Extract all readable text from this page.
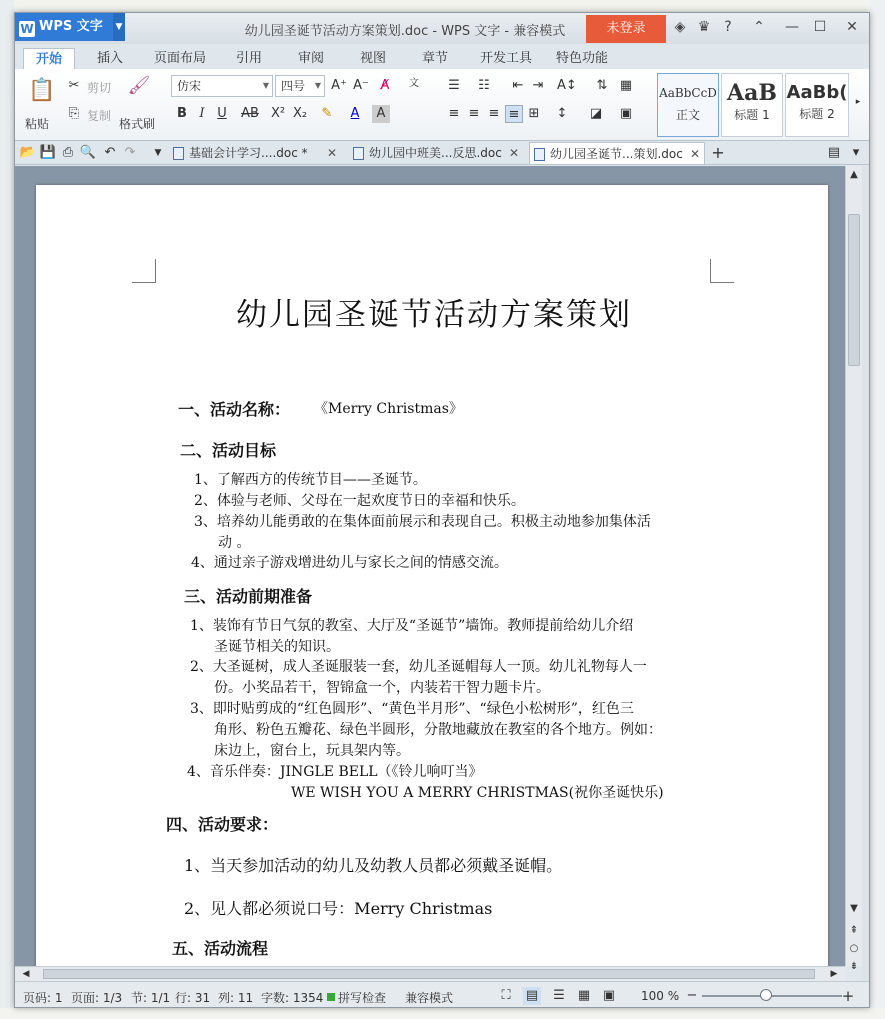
W WPS 文字 ▼	幼儿园圣诞节活动方案策划.doc - WPS 文字 - 兼容模式	未登录	◈ ♛	?	⌃	—	☐	✕
开始	插入	页面布局	引用	审阅	视图	章节	开发工具	特色功能
📋
粘贴
✂ 剪切
⎘ 复制
🖌
格式刷
仿宋	▼	四号 ▼ A⁺ A⁻ A̸	文
B I U	AB X² X₂ ✎	A	A
☰ ☷ ⇤ ⇥ A↕ ⇅ ▦
≡ ≡ ≡ ≡ ⊞ ↕ ◪ ▣
AaBbCcD
正文
AaB
标题 1
AaBb(
标题 2
▸
📂 💾 ⎙ 🔍 ↶ ↷	▼	基础会计学习....doc * ✕	幼儿园中班美...反思.doc ✕	幼儿园圣诞节...策划.doc ✕ +	▤ ▾
幼儿园圣诞节活动方案策划
一、活动名称： 《Merry Christmas》
二、活动目标
1、了解西方的传统节目——圣诞节。
2、体验与老师、父母在一起欢度节日的幸福和快乐。
3、培养幼儿能勇敢的在集体面前展示和表现自己。积极主动地参加集体活
动 。
4、通过亲子游戏增进幼儿与家长之间的情感交流。
三、活动前期准备
1、装饰有节日气氛的教室、大厅及“圣诞节”墙饰。教师提前给幼儿介绍
圣诞节相关的知识。
2、大圣诞树，成人圣诞服装一套，幼儿圣诞帽每人一顶。幼儿礼物每人一
份。小奖品若干，智锦盒一个，内装若干智力题卡片。
3、即时贴剪成的“红色圆形”、“黄色半月形”、“绿色小松树形”，红色三
角形、粉色五瓣花、绿色半圆形，分散地藏放在教室的各个地方。例如：
床边上，窗台上，玩具架内等。
4、音乐伴奏：JINGLE BELL（《铃儿响叮当》
WE WISH YOU A MERRY CHRISTMAS(祝你圣诞快乐)
四、活动要求：
1、当天参加活动的幼儿及幼教人员都必须戴圣诞帽。
2、见人都必须说口号：Merry Christmas
五、活动流程
▲
▼
⇞
○
⇟
◀	▶
页码: 1 页面: 1/3 节: 1/1 行: 31 列: 11 字数: 1354 拼写检查 兼容模式	⛶	▤ ☰ ▦ ▣ 100 % −	+
